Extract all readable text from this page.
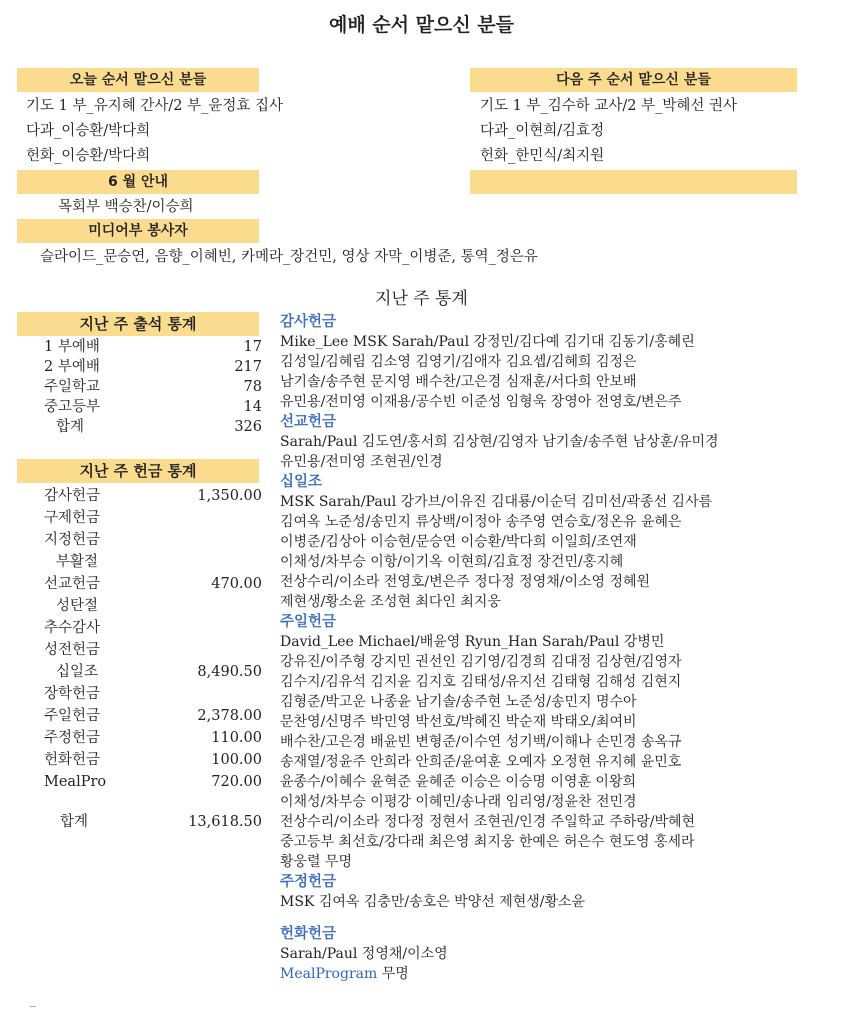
예배 순서 맡으신 분들
오늘 순서 맡으신 분들
기도 1 부_유지혜 간사/2 부_윤정효 집사
다과_이승환/박다희
헌화_이승환/박다희
다음 주 순서 맡으신 분들
기도 1 부_김수하 교사/2 부_박혜선 권사
다과_이현희/김효정
헌화_한민식/최지원
6 월 안내
목회부 백승찬/이승희
미디어부 봉사자
슬라이드_문승연, 음향_이혜빈, 카메라_장건민, 영상 자막_이병준, 통역_정은유
지난 주 통계
지난 주 출석 통계
1 부예배	17
2 부예배	217
주일학교	78
중고등부	14
합계	326
지난 주 헌금 통계
감사헌금	1,350.00
구제헌금
지정헌금
부활절
선교헌금	470.00
성탄절
추수감사
성전헌금
십일조	8,490.50
장학헌금
주일헌금	2,378.00
주정헌금	110.00
헌화헌금	100.00
MealPro	720.00
합계	13,618.50
감사헌금
Mike_Lee MSK Sarah/Paul 강정민/김다예 김기대 김동기/홍혜린
김성일/김혜림 김소영 김영기/김애자 김요셉/김혜희 김정은
남기솔/송주현 문지영 배수찬/고은경 심재훈/서다희 안보배
유민용/전미영 이재용/공수빈 이준성 임형욱 장영아 전영호/변은주
선교헌금
Sarah/Paul 김도연/홍서희 김상현/김영자 남기솔/송주현 남상훈/유미경
유민용/전미영 조현권/인경
십일조
MSK Sarah/Paul 강가브/이유진 김대룡/이순덕 김미선/곽종선 김사름
김여옥 노준성/송민지 류상백/이정아 송주영 연승호/정온유 윤혜은
이병준/김상아 이승현/문승연 이승환/박다희 이일희/조연재
이채성/차부승 이항/이기옥 이현희/김효정 장건민/홍지혜
전상수리/이소라 전영호/변은주 정다정 정영채/이소영 정혜원
제현생/황소윤 조성현 최다인 최지웅
주일헌금
David_Lee Michael/배윤영 Ryun_Han Sarah/Paul 강병민
강유진/이주형 강지민 권선인 김기영/김경희 김대정 김상현/김영자
김수지/김유석 김지윤 김지호 김태성/유지선 김태형 김해성 김현지
김형준/박고운 나종윤 남기솔/송주현 노준성/송민지 명수아
문찬영/신명주 박민영 박선호/박혜진 박순재 박태오/최여비
배수찬/고은경 배윤빈 변형준/이수연 성기백/이해나 손민경 송옥규
송재열/정윤주 안희라 안희준/윤여훈 오예자 오정현 유지혜 윤민호
윤종수/이혜수 윤혁준 윤혜준 이승은 이승명 이영훈 이왕희
이채성/차부승 이평강 이혜민/송나래 임리영/정윤찬 전민경
전상수리/이소라 정다정 정현서 조현권/인경 주일학교 주하랑/박혜현
중고등부 최선호/강다래 최은영 최지웅 한예은 허은수 현도영 홍세라
황웅렬 무명
주정헌금
MSK 김여옥 김충만/송호은 박양선 제현생/황소윤
헌화헌금
Sarah/Paul 정영채/이소영
MealProgram 무명
